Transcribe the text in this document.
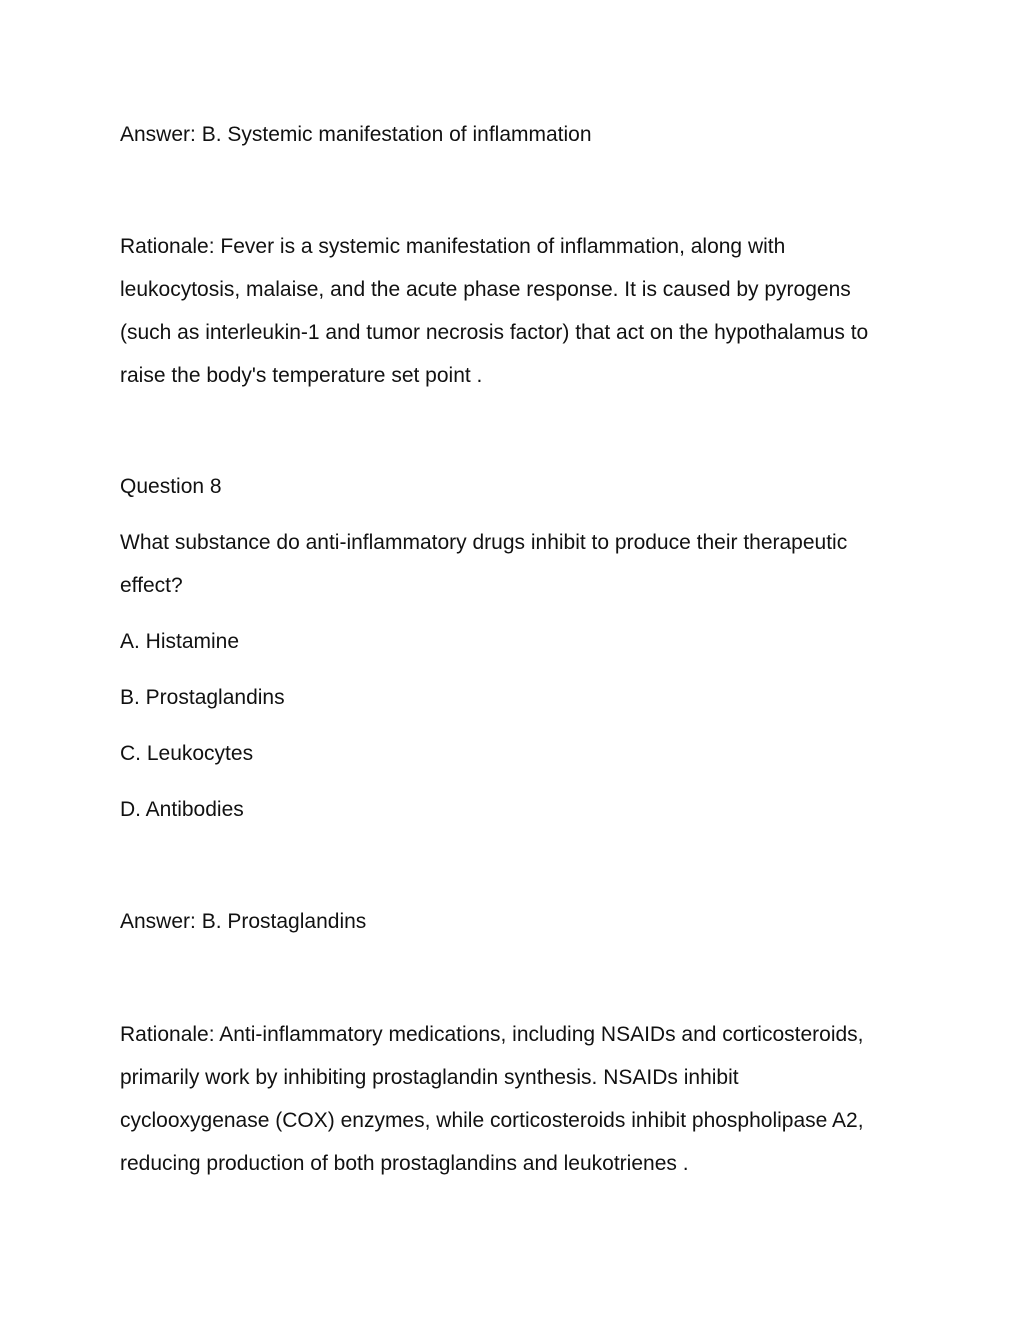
Answer: B. Systemic manifestation of inflammation
Rationale: Fever is a systemic manifestation of inflammation, along with
leukocytosis, malaise, and the acute phase response. It is caused by pyrogens
(such as interleukin-1 and tumor necrosis factor) that act on the hypothalamus to
raise the body's temperature set point .
Question 8
What substance do anti-inflammatory drugs inhibit to produce their therapeutic
effect?
A. Histamine
B. Prostaglandins
C. Leukocytes
D. Antibodies
Answer: B. Prostaglandins
Rationale: Anti-inflammatory medications, including NSAIDs and corticosteroids,
primarily work by inhibiting prostaglandin synthesis. NSAIDs inhibit
cyclooxygenase (COX) enzymes, while corticosteroids inhibit phospholipase A2,
reducing production of both prostaglandins and leukotrienes .
